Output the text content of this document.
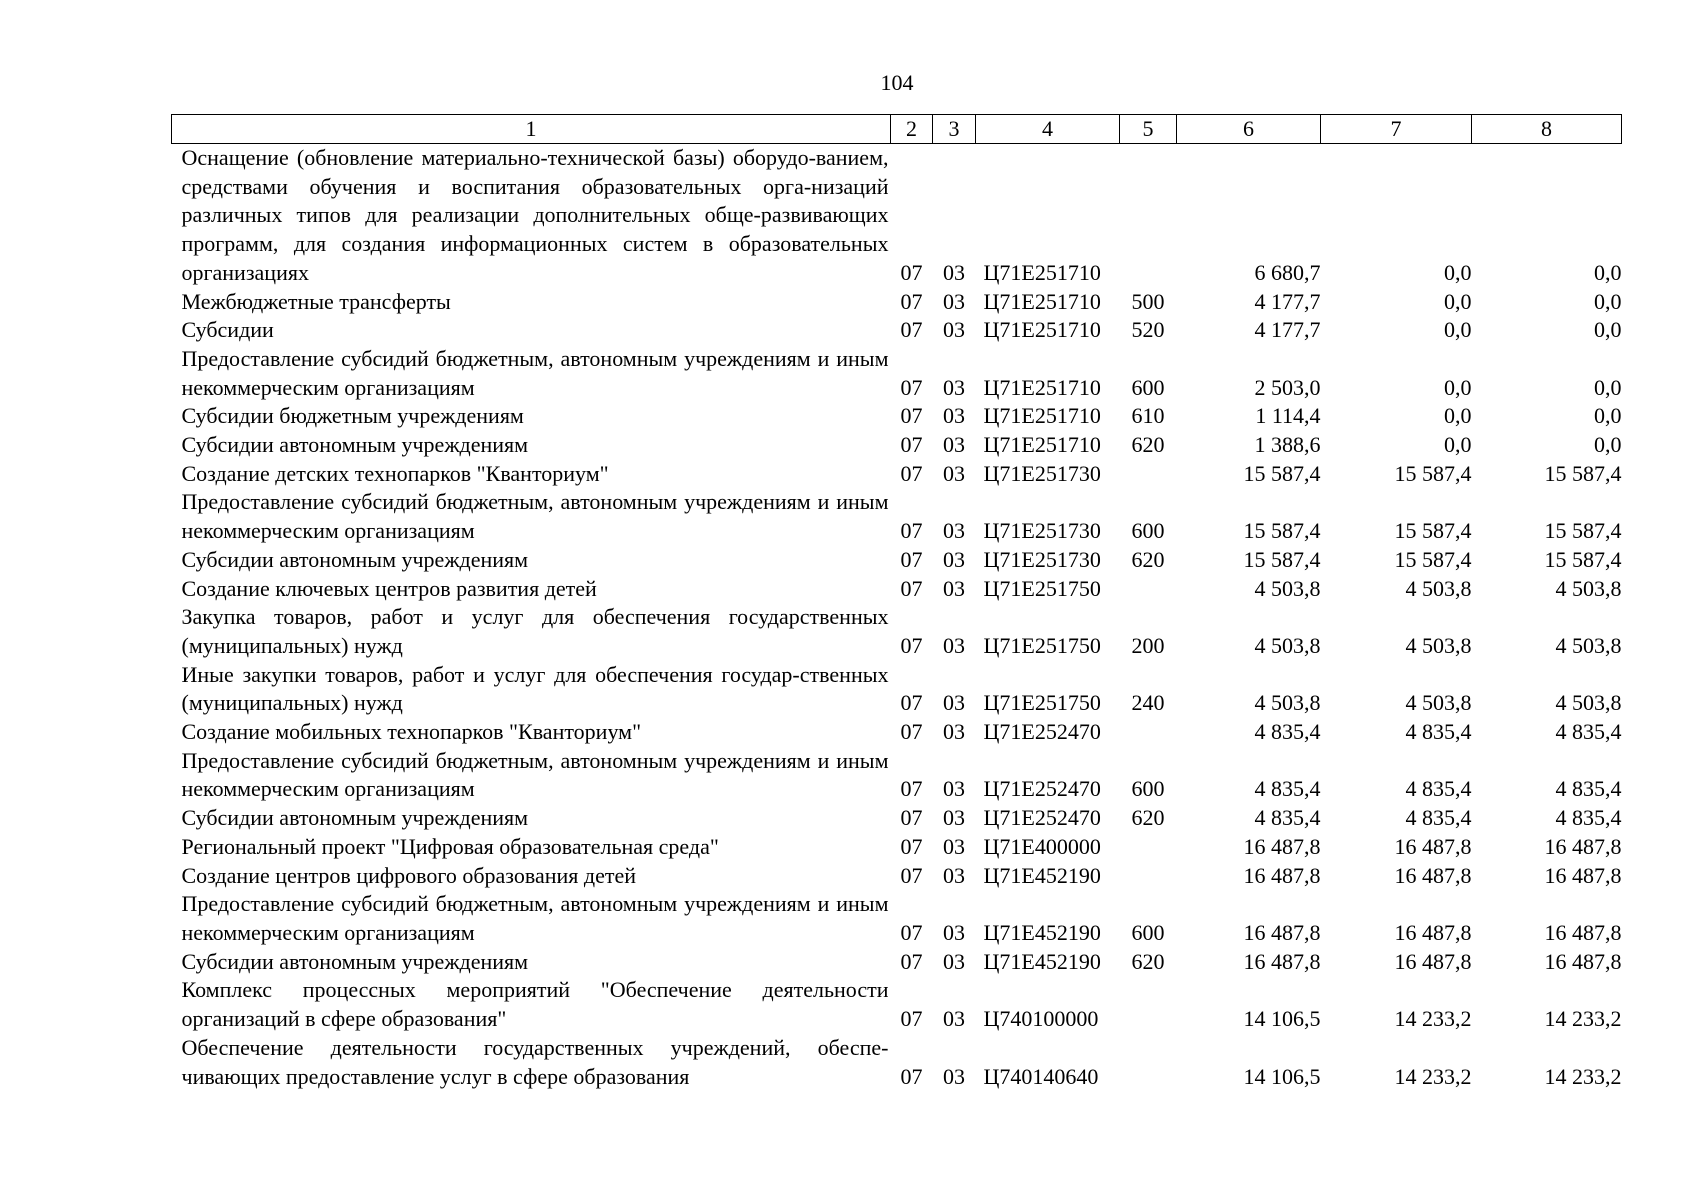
104
1	2	3	4	5	6	7	8
Оснащение (обновление материально-технической базы) оборудо-ванием, средствами обучения и воспитания образовательных орга-низаций различных типов для реализации дополнительных обще-развивающих программ, для создания информационных систем в образовательных организациях	07	03	Ц71Е251710		6 680,7	0,0	0,0
Межбюджетные трансферты	07	03	Ц71Е251710	500	4 177,7	0,0	0,0
Субсидии	07	03	Ц71Е251710	520	4 177,7	0,0	0,0
Предоставление субсидий бюджетным, автономным учреждениям и иным некоммерческим организациям	07	03	Ц71Е251710	600	2 503,0	0,0	0,0
Субсидии бюджетным учреждениям	07	03	Ц71Е251710	610	1 114,4	0,0	0,0
Субсидии автономным учреждениям	07	03	Ц71Е251710	620	1 388,6	0,0	0,0
Создание детских технопарков "Кванториум"	07	03	Ц71Е251730		15 587,4	15 587,4	15 587,4
Предоставление субсидий бюджетным, автономным учреждениям и иным некоммерческим организациям	07	03	Ц71Е251730	600	15 587,4	15 587,4	15 587,4
Субсидии автономным учреждениям	07	03	Ц71Е251730	620	15 587,4	15 587,4	15 587,4
Создание ключевых центров развития детей	07	03	Ц71Е251750		4 503,8	4 503,8	4 503,8
Закупка товаров, работ и услуг для обеспечения государственных (муниципальных) нужд	07	03	Ц71Е251750	200	4 503,8	4 503,8	4 503,8
Иные закупки товаров, работ и услуг для обеспечения государ-ственных (муниципальных) нужд	07	03	Ц71Е251750	240	4 503,8	4 503,8	4 503,8
Создание мобильных технопарков "Кванториум"	07	03	Ц71Е252470		4 835,4	4 835,4	4 835,4
Предоставление субсидий бюджетным, автономным учреждениям и иным некоммерческим организациям	07	03	Ц71Е252470	600	4 835,4	4 835,4	4 835,4
Субсидии автономным учреждениям	07	03	Ц71Е252470	620	4 835,4	4 835,4	4 835,4
Региональный проект "Цифровая образовательная среда"	07	03	Ц71Е400000		16 487,8	16 487,8	16 487,8
Создание центров цифрового образования детей	07	03	Ц71Е452190		16 487,8	16 487,8	16 487,8
Предоставление субсидий бюджетным, автономным учреждениям и иным некоммерческим организациям	07	03	Ц71Е452190	600	16 487,8	16 487,8	16 487,8
Субсидии автономным учреждениям	07	03	Ц71Е452190	620	16 487,8	16 487,8	16 487,8
Комплекс процессных мероприятий "Обеспечение деятельности организаций в сфере образования"	07	03	Ц740100000		14 106,5	14 233,2	14 233,2
Обеспечение деятельности государственных учреждений, обеспе-чивающих предоставление услуг в сфере образования	07	03	Ц740140640		14 106,5	14 233,2	14 233,2
